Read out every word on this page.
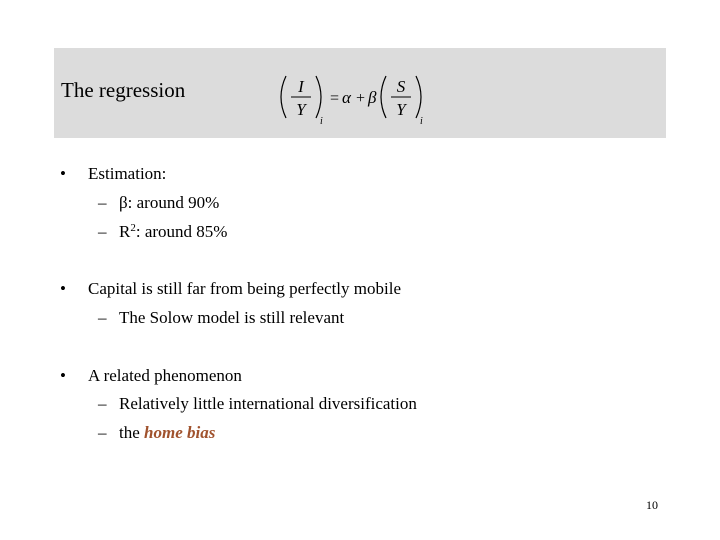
The regression	I
Y
i
= α + β
S
Y
i
• Estimation:
– β: around 90%
– $R^2$: around 85%
• Capital is still far from being perfectly mobile
– The Solow model is still relevant
• A related phenomenon
– Relatively little international diversification
– the home bias
10
